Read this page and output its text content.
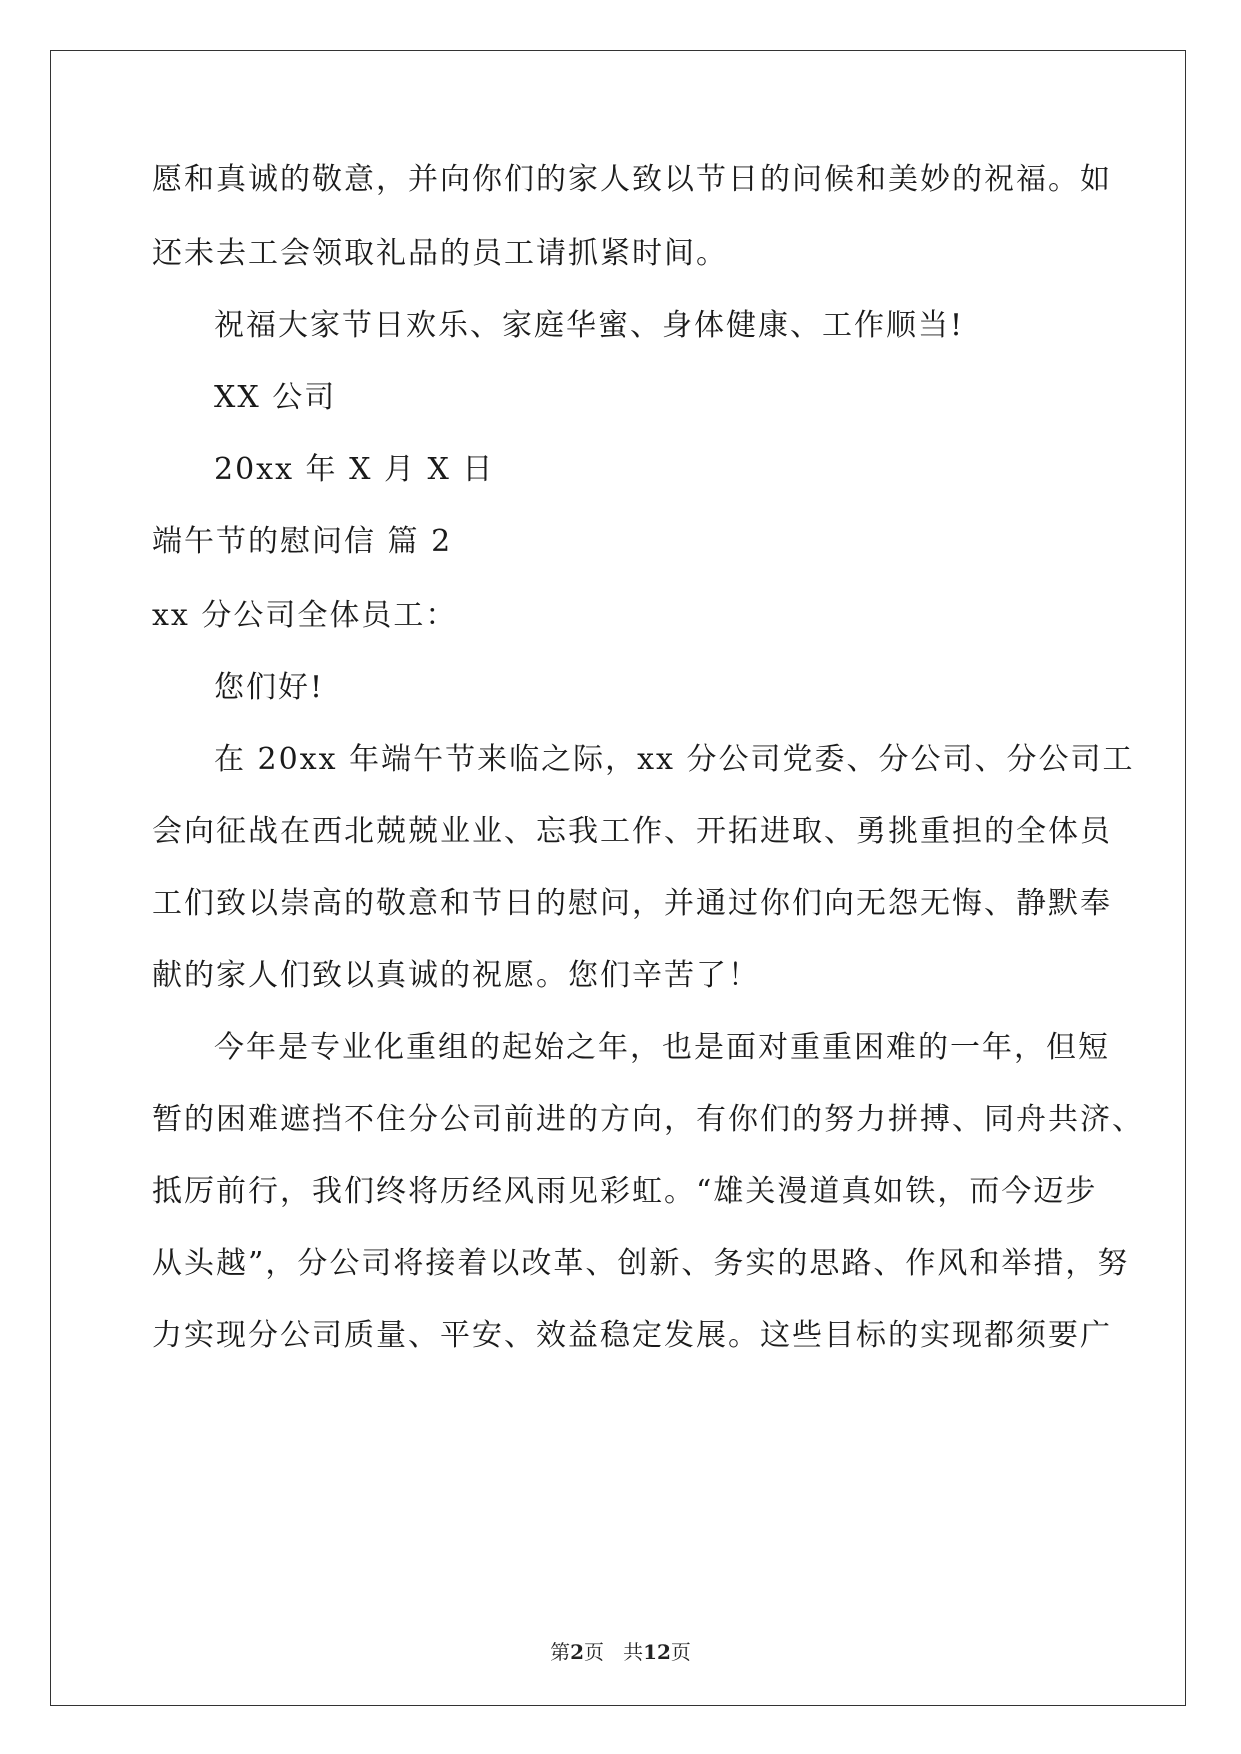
愿和真诚的敬意，并向你们的家人致以节日的问候和美妙的祝福。如
还未去工会领取礼品的员工请抓紧时间。
祝福大家节日欢乐、家庭华蜜、身体健康、工作顺当!
XX 公司
20xx 年 X 月 X 日
端午节的慰问信 篇 2
xx 分公司全体员工：
您们好!
在 20xx 年端午节来临之际，xx 分公司党委、分公司、分公司工
会向征战在西北兢兢业业、忘我工作、开拓进取、勇挑重担的全体员
工们致以崇高的敬意和节日的慰问，并通过你们向无怨无悔、静默奉
献的家人们致以真诚的祝愿。您们辛苦了！
今年是专业化重组的起始之年，也是面对重重困难的一年，但短
暂的困难遮挡不住分公司前进的方向，有你们的努力拼搏、同舟共济、
抵厉前行，我们终将历经风雨见彩虹。“雄关漫道真如铁，而今迈步
从头越”，分公司将接着以改革、创新、务实的思路、作风和举措，努
力实现分公司质量、平安、效益稳定发展。这些目标的实现都须要广
第2页 共12页
